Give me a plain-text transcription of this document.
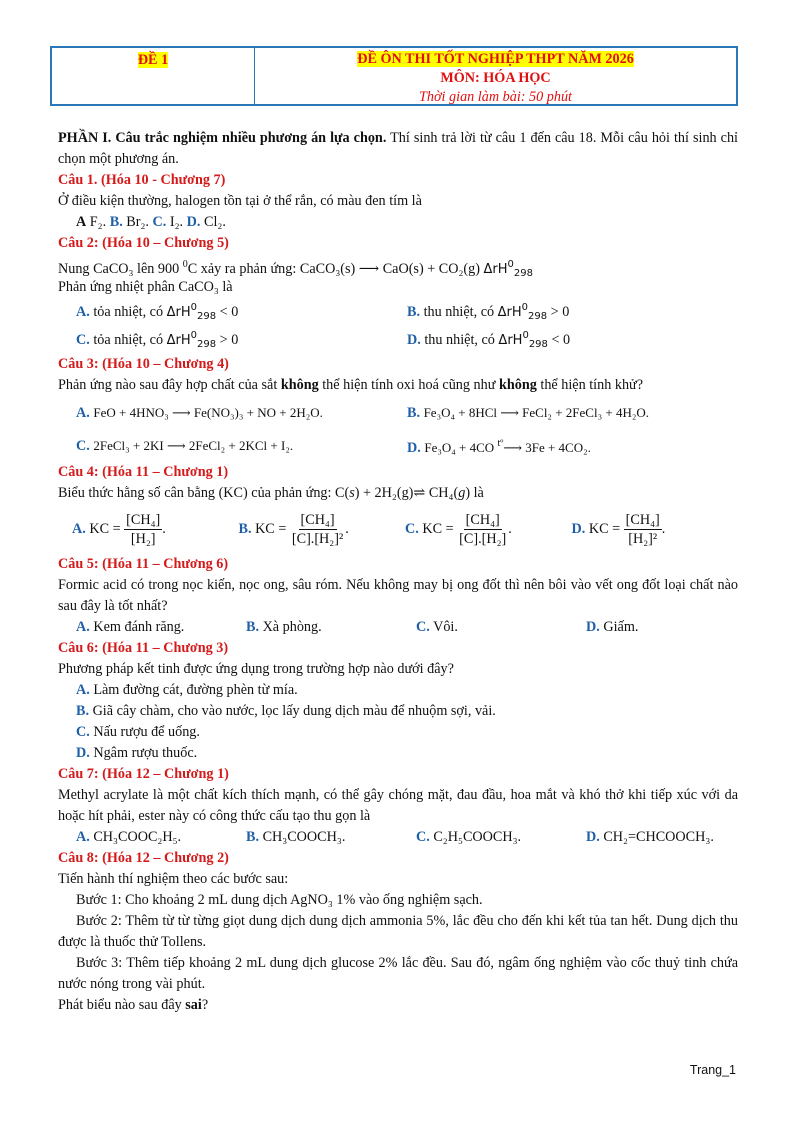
ĐỀ 1	ĐỀ ÔN THI TỐT NGHIỆP THPT NĂM 2026
MÔN: HÓA HỌC
Thời gian làm bài: 50 phút

PHẦN I. Câu trắc nghiệm nhiều phương án lựa chọn. Thí sinh trả lời từ câu 1 đến câu 18. Mỗi câu hỏi thí sinh chỉ chọn một phương án.

Câu 1. (Hóa 10 - Chương 7)

Ở điều kiện thường, halogen tồn tại ở thể rắn, có màu đen tím là

A F₂. B. Br₂. C. I₂. D. Cl₂.

Câu 2: (Hóa 10 – Chương 5)

Nung CaCO₃ lên 900 $^0$C xảy ra phản ứng: CaCO₃(s) ⟶ CaO(s) + CO₂(g) ΔrH$^0_{298}$

Phản ứng nhiệt phân CaCO₃ là

A. tỏa nhiệt, có ΔrH$^0_{298}$ < 0	B. thu nhiệt, có ΔrH$^0_{298}$ > 0
C. tỏa nhiệt, có ΔrH$^0_{298}$ > 0	D. thu nhiệt, có ΔrH$^0_{298}$ < 0

Câu 3: (Hóa 10 – Chương 4)

Phản ứng nào sau đây hợp chất của sắt không thể hiện tính oxi hoá cũng như không thể hiện tính khử?

A. FeO + 4HNO₃ ⟶ Fe(NO₃)₃ + NO + 2H₂O.	B. Fe₃O₄ + 8HCl ⟶ FeCl₂ + 2FeCl₃ + 4H₂O.
C. 2FeCl₃ + 2KI ⟶ 2FeCl₂ + 2KCl + I₂.	D. Fe₃O₄ + 4CO $^{tº}$⟶ 3Fe + 4CO₂.

Câu 4: (Hóa 11 – Chương 1)

Biểu thức hằng số cân bằng (KC) của phản ứng: C(s) + 2H₂(g)⇌ CH₄(g) là

A. KC = $\frac{\text{[CH₄]}}{\text{[H₂]}}$ .	B. KC = $\frac{\text{[CH₄]}}{\text{[C].[H₂]²}}$ .	C. KC = $\frac{\text{[CH₄]}}{\text{[C].[H₂]}}$ .	D. KC = $\frac{\text{[CH₄]}}{\text{[H₂]²}}$ .

Câu 5: (Hóa 11 – Chương 6)

Formic acid có trong nọc kiến, nọc ong, sâu róm. Nếu không may bị ong đốt thì nên bôi vào vết ong đốt loại chất nào sau đây là tốt nhất?

A. Kem đánh răng.	B. Xà phòng.	C. Vôi.	D. Giấm.

Câu 6: (Hóa 11 – Chương 3)

Phương pháp kết tinh được ứng dụng trong trường hợp nào dưới đây?

A. Làm đường cát, đường phèn từ mía.

B. Giã cây chàm, cho vào nước, lọc lấy dung dịch màu để nhuộm sợi, vải.

C. Nấu rượu để uống.

D. Ngâm rượu thuốc.

Câu 7: (Hóa 12 – Chương 1)

Methyl acrylate là một chất kích thích mạnh, có thể gây chóng mặt, đau đầu, hoa mắt và khó thở khi tiếp xúc với da hoặc hít phải, ester này có công thức cấu tạo thu gọn là

A. CH₃COOC₂H₅.	B. CH₃COOCH₃.	C. C₂H₅COOCH₃.	D. CH₂=CHCOOCH₃.

Câu 8: (Hóa 12 – Chương 2)

Tiến hành thí nghiệm theo các bước sau:

Bước 1: Cho khoảng 2 mL dung dịch AgNO₃ 1% vào ống nghiệm sạch.

Bước 2: Thêm từ từ từng giọt dung dịch dung dịch ammonia 5%, lắc đều cho đến khi kết tủa tan hết. Dung dịch thu được là thuốc thử Tollens.

Bước 3: Thêm tiếp khoảng 2 mL dung dịch glucose 2% lắc đều. Sau đó, ngâm ống nghiệm vào cốc thuỷ tinh chứa nước nóng trong vài phút.

Phát biểu nào sau đây sai?

Trang_1
